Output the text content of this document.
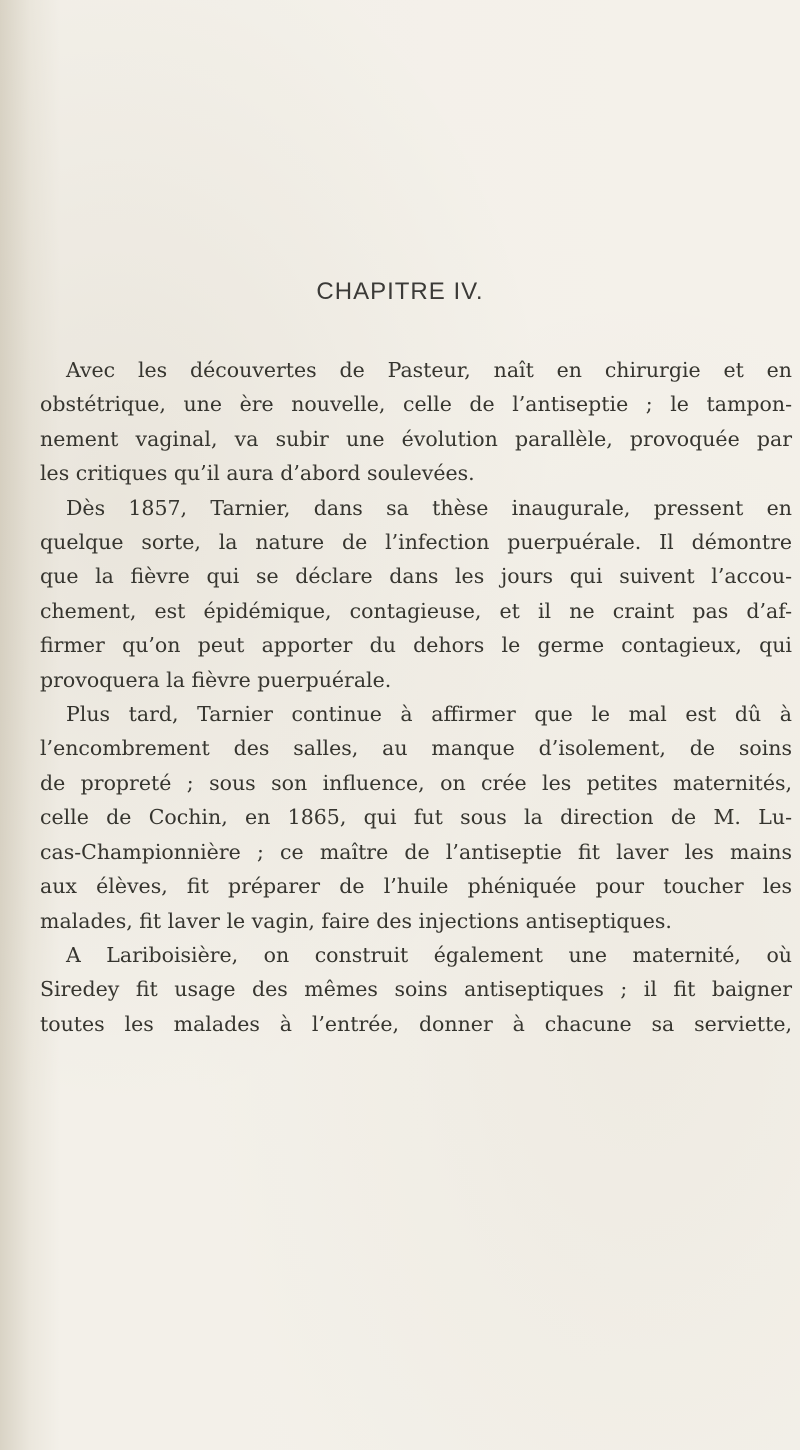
CHAPITRE IV.

Avec les découvertes de Pasteur, naît en chirurgie et en
obstétrique, une ère nouvelle, celle de l’antiseptie ; le tampon-
nement vaginal, va subir une évolution parallèle, provoquée par
les critiques qu’il aura d’abord soulevées.

Dès 1857, Tarnier, dans sa thèse inaugurale, pressent en
quelque sorte, la nature de l’infection puerpuérale. Il démontre
que la fièvre qui se déclare dans les jours qui suivent l’accou-
chement, est épidémique, contagieuse, et il ne craint pas d’af-
firmer qu’on peut apporter du dehors le germe contagieux, qui
provoquera la fièvre puerpuérale.

Plus tard, Tarnier continue à affirmer que le mal est dû à
l’encombrement des salles, au manque d’isolement, de soins
de propreté ; sous son influence, on crée les petites maternités,
celle de Cochin, en 1865, qui fut sous la direction de M. Lu-
cas-Championnière ; ce maître de l’antiseptie fit laver les mains
aux élèves, fit préparer de l’huile phéniquée pour toucher les
malades, fit laver le vagin, faire des injections antiseptiques.

A Lariboisière, on construit également une maternité, où
Siredey fit usage des mêmes soins antiseptiques ; il fit baigner
toutes les malades à l’entrée, donner à chacune sa serviette,
